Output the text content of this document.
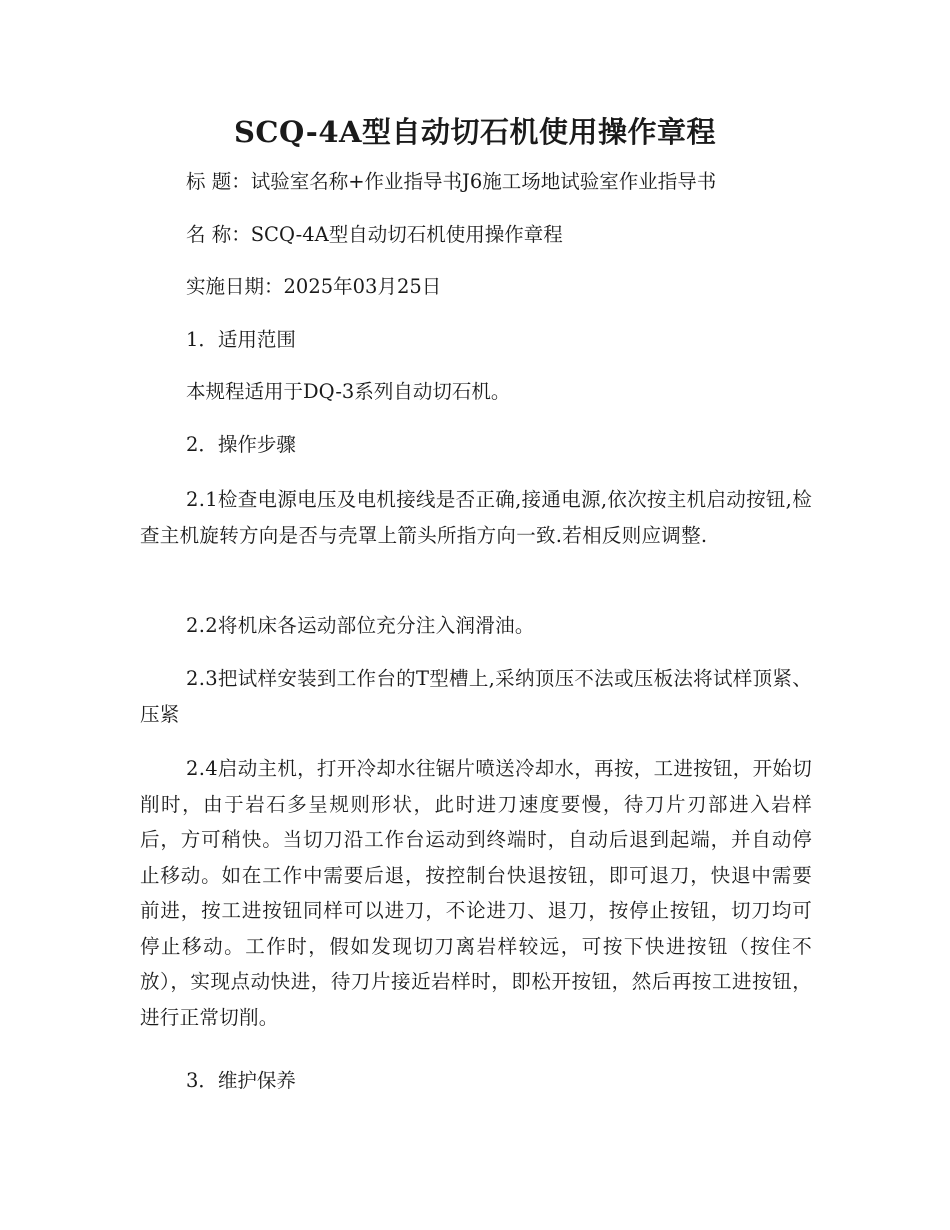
SCQ-4A型自动切石机使用操作章程
标 题：试验室名称+作业指导书J6施工场地试验室作业指导书
名 称：SCQ-4A型自动切石机使用操作章程
实施日期：2025年03月25日
1．适用范围
本规程适用于DQ-3系列自动切石机。
2．操作步骤
2.1检查电源电压及电机接线是否正确,接通电源,依次按主机启动按钮,检查主机旋转方向是否与壳罩上箭头所指方向一致.若相反则应调整.
2.2将机床各运动部位充分注入润滑油。
2.3把试样安装到工作台的T型槽上,采纳顶压不法或压板法将试样顶紧、压紧
2.4启动主机，打开冷却水往锯片喷送冷却水，再按，工进按钮，开始切削时，由于岩石多呈规则形状，此时进刀速度要慢，待刀片刃部进入岩样后，方可稍快。当切刀沿工作台运动到终端时，自动后退到起端，并自动停止移动。如在工作中需要后退，按控制台快退按钮，即可退刀，快退中需要前进，按工进按钮同样可以进刀，不论进刀、退刀，按停止按钮，切刀均可停止移动。工作时，假如发现切刀离岩样较远，可按下快进按钮（按住不放），实现点动快进，待刀片接近岩样时，即松开按钮，然后再按工进按钮，进行正常切削。
3．维护保养
